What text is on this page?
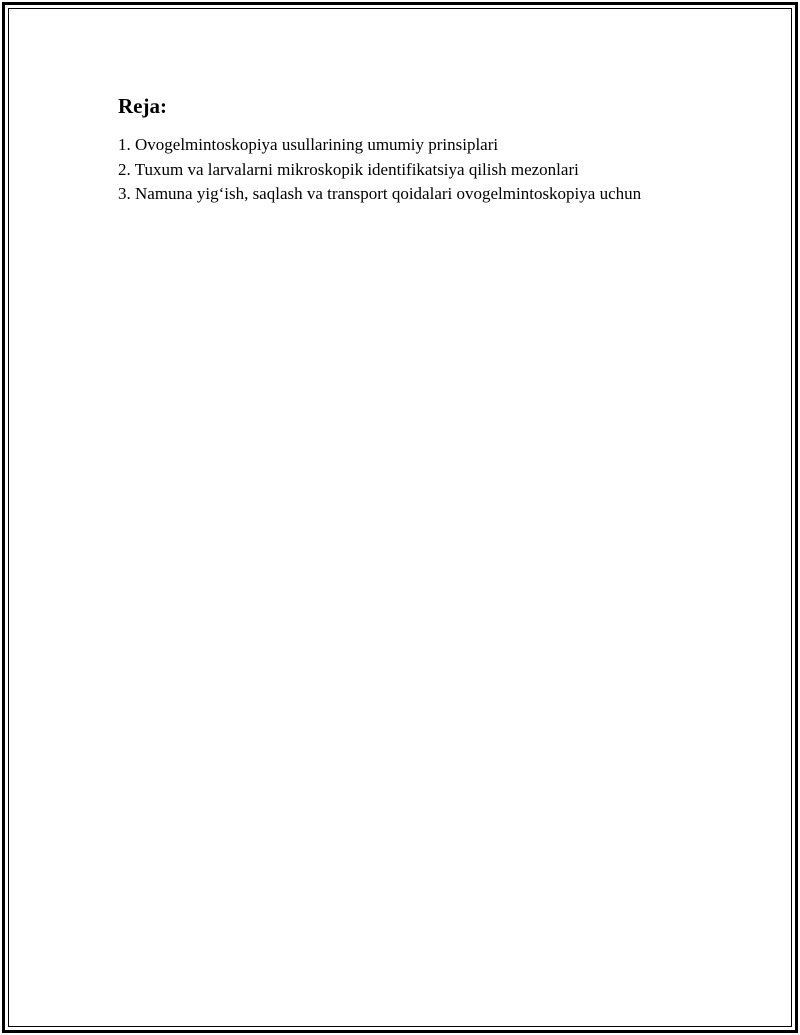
Reja:
1. Ovogelmintoskopiya usullarining umumiy prinsiplari
2. Tuxum va larvalarni mikroskopik identifikatsiya qilish mezonlari
3. Namuna yig‘ish, saqlash va transport qoidalari ovogelmintoskopiya uchun
